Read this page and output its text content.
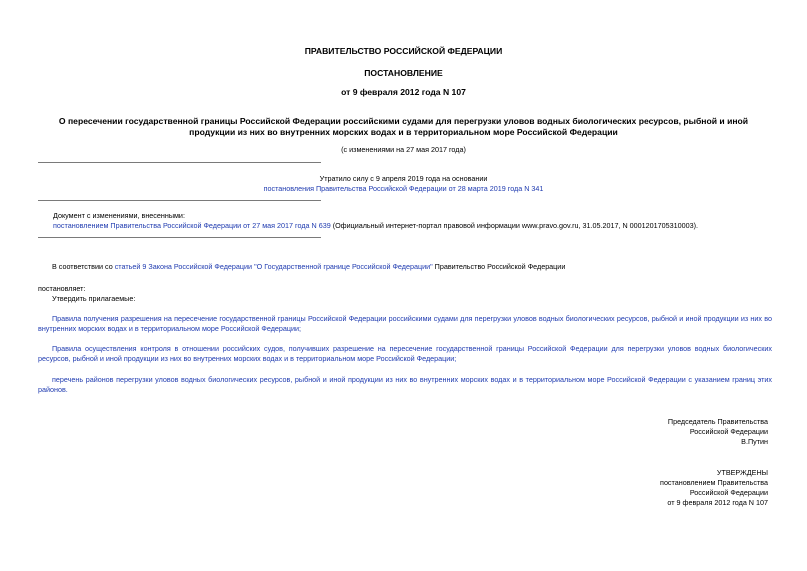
ПРАВИТЕЛЬСТВО РОССИЙСКОЙ ФЕДЕРАЦИИ
ПОСТАНОВЛЕНИЕ
от 9 февраля 2012 года N 107
О пересечении государственной границы Российской Федерации российскими судами для перегрузки уловов водных биологических ресурсов, рыбной и иной
продукции из них во внутренних морских водах и в территориальном море Российской Федерации
(с изменениями на 27 мая 2017 года)
Утратило силу с 9 апреля 2019 года на основании
постановления Правительства Российской Федерации от 28 марта 2019 года N 341
Документ с изменениями, внесенными:
постановлением Правительства Российской Федерации от 27 мая 2017 года N 639 (Официальный интернет-портал правовой информации www.pravo.gov.ru, 31.05.2017, N 0001201705310003).
В соответствии со статьей 9 Закона Российской Федерации "О Государственной границе Российской Федерации" Правительство Российской Федерации
постановляет:
Утвердить прилагаемые:
Правила получения разрешения на пересечение государственной границы Российской Федерации российскими судами для перегрузки уловов водных биологических ресурсов, рыбной и иной продукции из них во внутренних морских водах и в территориальном море Российской Федерации;
Правила осуществления контроля в отношении российских судов, получивших разрешение на пересечение государственной границы Российской Федерации для перегрузки уловов водных биологических ресурсов, рыбной и иной продукции из них во внутренних морских водах и в территориальном море Российской Федерации;
перечень районов перегрузки уловов водных биологических ресурсов, рыбной и иной продукции из них во внутренних морских водах и в территориальном море Российской Федерации с указанием границ этих районов.
Председатель Правительства
Российской Федерации
В.Путин
УТВЕРЖДЕНЫ
постановлением Правительства
Российской Федерации
от 9 февраля 2012 года N 107
